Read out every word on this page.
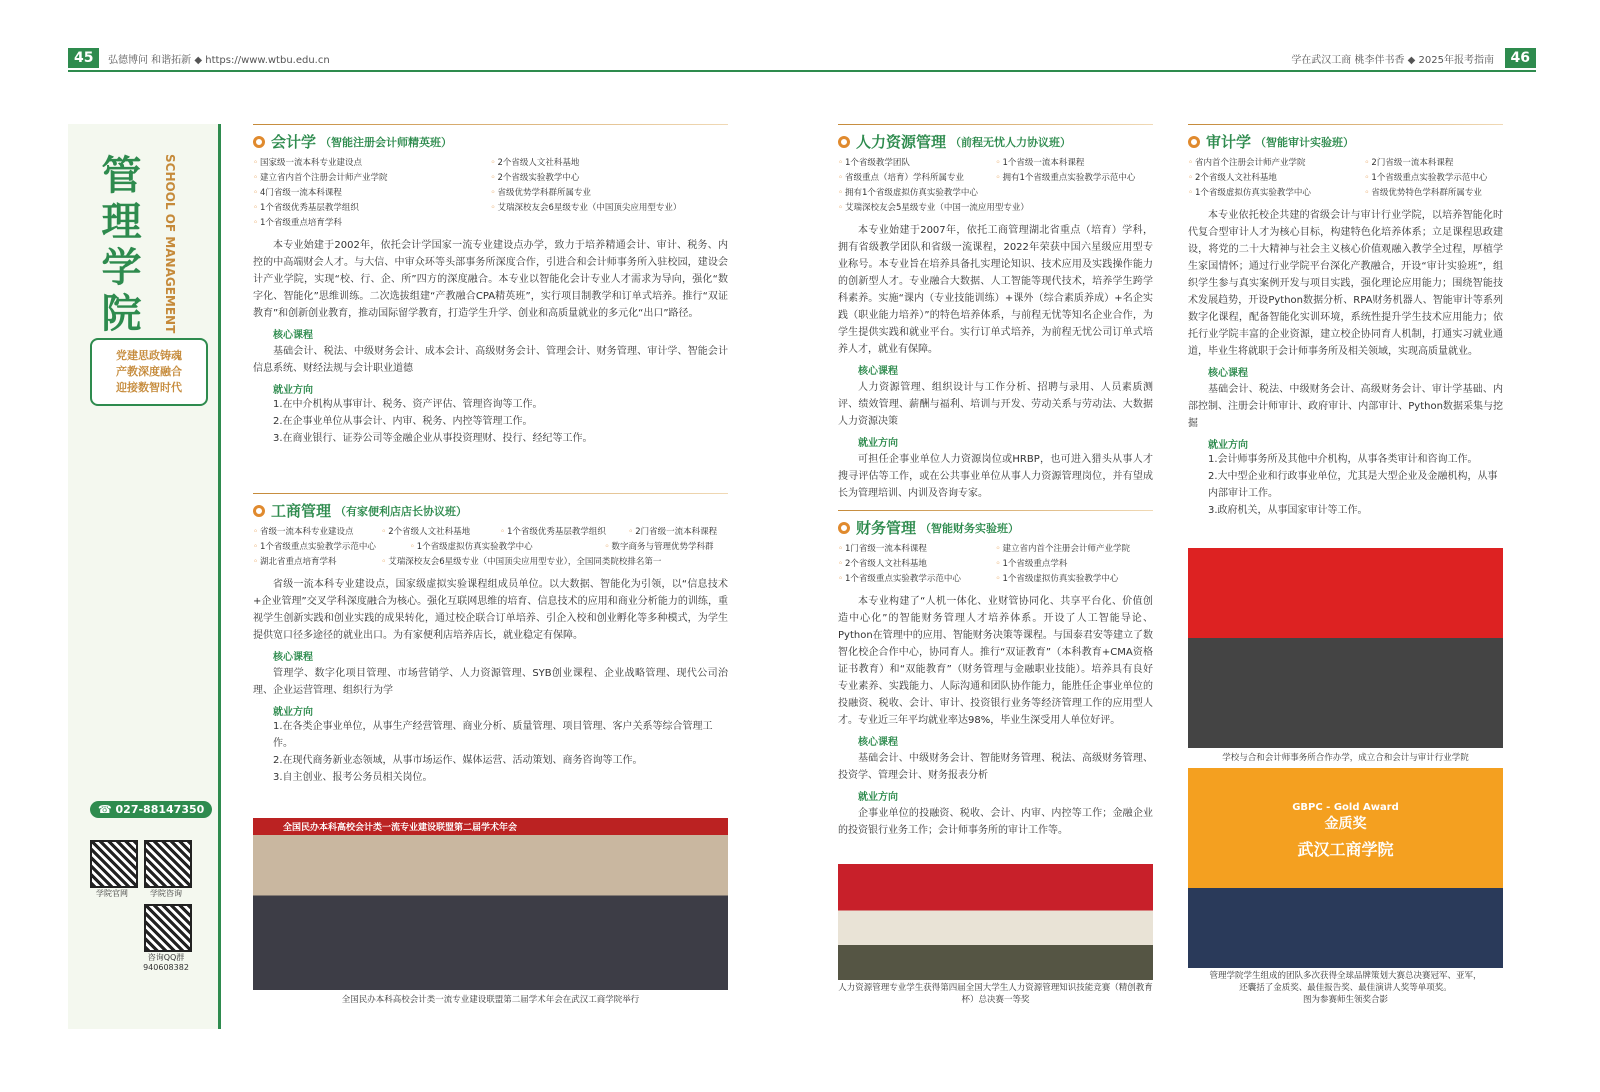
45	弘德博问 和谐拓新 ◆ https://www.wtbu.edu.cn	学在武汉工商 桃李伴书香 ◆ 2025年报考指南	46
管理学院	SCHOOL OF MANAGEMENT
党建思政铸魂
产教深度融合
迎接数智时代
☎ 027-88147350
学院官网	学院咨询
咨询QQ群 940608382
会计学 （智能注册会计师精英班）
◦ 国家级一流本科专业建设点	◦ 2个省级人文社科基地
◦ 建立省内首个注册会计师产业学院	◦ 2个省级实验教学中心
◦ 4门省级一流本科课程	◦ 省级优势学科群所属专业
◦ 1个省级优秀基层教学组织	◦ 艾瑞深校友会6星级专业（中国顶尖应用型专业）
◦ 1个省级重点培育学科

本专业始建于2002年，依托会计学国家一流专业建设点办学，致力于培养精通会计、审计、税务、内控的中高端财会人才。与大信、中审众环等头部事务所深度合作，引进合和会计师事务所入驻校园，建设会计产业学院，实现“校、行、企、所”四方的深度融合。本专业以智能化会计专业人才需求为导向，强化“数字化、智能化”思维训练。二次选拔组建“产教融合CPA精英班”，实行项目制教学和订单式培养。推行“双证教育”和创新创业教育，推动国际留学教育，打造学生升学、创业和高质量就业的多元化“出口”路径。

核心课程

基础会计、税法、中级财务会计、成本会计、高级财务会计、管理会计、财务管理、审计学、智能会计信息系统、财经法规与会计职业道德

就业方向
1.在中介机构从事审计、税务、资产评估、管理咨询等工作。
2.在企事业单位从事会计、内审、税务、内控等管理工作。
3.在商业银行、证券公司等金融企业从事投资理财、投行、经纪等工作。
工商管理 （有家便利店店长协议班）
◦ 省级一流本科专业建设点	◦ 2个省级人文社科基地	◦ 1个省级优秀基层教学组织	◦ 2门省级一流本科课程
◦ 1个省级重点实验教学示范中心	◦ 1个省级虚拟仿真实验教学中心	◦ 数字商务与管理优势学科群
◦ 湖北省重点培育学科	◦ 艾瑞深校友会6星级专业（中国顶尖应用型专业），全国同类院校排名第一

省级一流本科专业建设点，国家级虚拟实验课程组成员单位。以大数据、智能化为引领，以“信息技术+企业管理”交叉学科深度融合为核心。强化互联网思维的培育、信息技术的应用和商业分析能力的训练，重视学生创新实践和创业实践的成果转化，通过校企联合订单培养、引企入校和创业孵化等多种模式，为学生提供宽口径多途径的就业出口。为有家便利店培养店长，就业稳定有保障。

核心课程

管理学、数字化项目管理、市场营销学、人力资源管理、SYB创业课程、企业战略管理、现代公司治理、企业运营管理、组织行为学

就业方向
1.在各类企事业单位，从事生产经营管理、商业分析、质量管理、项目管理、客户关系等综合管理工作。
2.在现代商务新业态领域，从事市场运作、媒体运营、活动策划、商务咨询等工作。
3.自主创业、报考公务员相关岗位。
全国民办本科高校会计类一流专业建设联盟第二届学术年会
全国民办本科高校会计类一流专业建设联盟第二届学术年会在武汉工商学院举行
人力资源管理 （前程无忧人力协议班）
◦ 1个省级教学团队	◦ 1个省级一流本科课程
◦ 省级重点（培育）学科所属专业	◦ 拥有1个省级重点实验教学示范中心
◦ 拥有1个省级虚拟仿真实验教学中心
◦ 艾瑞深校友会5星级专业（中国一流应用型专业）

本专业始建于2007年，依托工商管理湖北省重点（培育）学科，拥有省级教学团队和省级一流课程，2022年荣获中国六星级应用型专业称号。本专业旨在培养具备扎实理论知识、技术应用及实践操作能力的创新型人才。专业融合大数据、人工智能等现代技术，培养学生跨学科素养。实施“课内（专业技能训练）+课外（综合素质养成）+名企实践（职业能力培养）”的特色培养体系，与前程无忧等知名企业合作，为学生提供实践和就业平台。实行订单式培养，为前程无忧公司订单式培养人才，就业有保障。

核心课程

人力资源管理、组织设计与工作分析、招聘与录用、人员素质测评、绩效管理、薪酬与福利、培训与开发、劳动关系与劳动法、大数据人力资源决策

就业方向

可担任企事业单位人力资源岗位或HRBP，也可进入猎头从事人才搜寻评估等工作，或在公共事业单位从事人力资源管理岗位，并有望成长为管理培训、内训及咨询专家。

财务管理 （智能财务实验班）
◦ 1门省级一流本科课程	◦ 建立省内首个注册会计师产业学院
◦ 2个省级人文社科基地	◦ 1个省级重点学科
◦ 1个省级重点实验教学示范中心	◦ 1个省级虚拟仿真实验教学中心

本专业构建了“人机一体化、业财管协同化、共享平台化、价值创造中心化”的智能财务管理人才培养体系。开设了人工智能导论、Python在管理中的应用、智能财务决策等课程。与国泰君安等建立了数智化校企合作中心，协同育人。推行“双证教育”（本科教育+CMA资格证书教育）和“双能教育”（财务管理与金融职业技能）。培养具有良好专业素养、实践能力、人际沟通和团队协作能力，能胜任企事业单位的投融资、税收、会计、审计、投资银行业务等经济管理工作的应用型人才。专业近三年平均就业率达98%，毕业生深受用人单位好评。

核心课程

基础会计、中级财务会计、智能财务管理、税法、高级财务管理、投资学、管理会计、财务报表分析

就业方向

企事业单位的投融资、税收、会计、内审、内控等工作；金融企业的投资银行业务工作；会计师事务所的审计工作等。

人力资源管理专业学生获得第四届全国大学生人力资源管理知识技能竞赛（精创教育杯）总决赛一等奖
审计学 （智能审计实验班）
◦ 省内首个注册会计师产业学院	◦ 2门省级一流本科课程
◦ 2个省级人文社科基地	◦ 1个省级重点实验教学示范中心
◦ 1个省级虚拟仿真实验教学中心	◦ 省级优势特色学科群所属专业

本专业依托校企共建的省级会计与审计行业学院，以培养智能化时代复合型审计人才为核心目标，构建特色化培养体系；立足课程思政建设，将党的二十大精神与社会主义核心价值观融入教学全过程，厚植学生家国情怀；通过行业学院平台深化产教融合，开设“审计实验班”，组织学生参与真实案例开发与项目实践，强化理论应用能力；围绕智能技术发展趋势，开设Python数据分析、RPA财务机器人、智能审计等系列数字化课程，配备智能化实训环境，系统性提升学生技术应用能力；依托行业学院丰富的企业资源，建立校企协同育人机制，打通实习就业通道，毕业生将就职于会计师事务所及相关领域，实现高质量就业。

核心课程

基础会计、税法、中级财务会计、高级财务会计、审计学基础、内部控制、注册会计师审计、政府审计、内部审计、Python数据采集与挖掘

就业方向
1.会计师事务所及其他中介机构，从事各类审计和咨询工作。
2.大中型企业和行政事业单位，尤其是大型企业及金融机构，从事内部审计工作。
3.政府机关，从事国家审计等工作。
学校与合和会计师事务所合作办学，成立合和会计与审计行业学院
GBPC - Gold Award
金质奖
武汉工商学院
管理学院学生组成的团队多次获得全球品牌策划大赛总决赛冠军、亚军，
还囊括了金质奖、最佳报告奖、最佳演讲人奖等单项奖。
图为参赛师生领奖合影
